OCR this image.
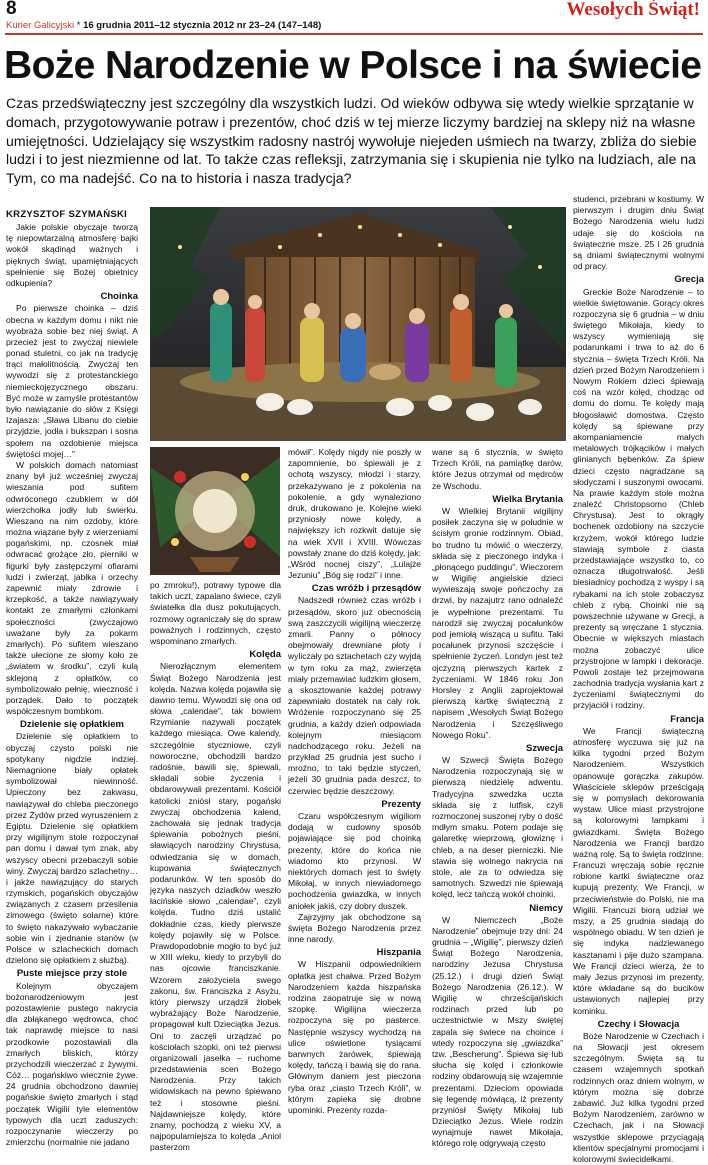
8
Kurier Galicyjski * 16 grudnia 2011–12 stycznia 2012 nr 23–24 (147–148)
Wesołych Świąt!
Boże Narodzenie w Polsce i na świecie
Czas przedświąteczny jest szczególny dla wszystkich ludzi. Od wieków odbywa się wtedy wielkie sprzątanie w domach, przygotowywanie potraw i prezentów, choć dziś w tej mierze liczymy bardziej na sklepy niż na własne umiejętności. Udzielający się wszystkim radosny nastrój wywołuje niejeden uśmiech na twarzy, zbliża do siebie ludzi i to jest niezmienne od lat. To także czas refleksji, zatrzymania się i skupienia nie tylko na ludziach, ale na Tym, co ma nadejść. Co na to historia i nasza tradycja?
KRZYSZTOF SZYMAŃSKI

Jakie polskie obyczaje tworzą tę niepowtarzalną atmosferę bajki wokół skądinąd ważnych i pięknych świąt, upamiętniających spełnienie się Bożej obietnicy odkupienia?

Choinka

Po pierwsze choinka – dziś obecna w każdym domu i nikt nie wyobraża sobie bez niej świąt. A przecież jest to zwyczaj niewiele ponad stuletni, co jak na tradycję trąci małolitnością. Zwyczaj ten wywodzi się z protestanckiego niemieckojęzycznego obszaru. Być może w zamyśle protestantów było nawiązanie do słów z Księgi Izajasza: „Sława Libanu do ciebie przyjdzie, jodła i bukszpan i sosna społem na ozdobienie miejsca świętości mojej…”

W polskich domach natomiast znany był już wcześniej zwyczaj wieszania pod sufitem odwróconego czubkiem w dół wierzchołka jodły lub świerku. Wieszano na nim ozdoby, które można wiązane były z wierzeniami pogańskimi, np. czosnek miał odwracać grożące zło, pierniki w figurki były zastępczymi ofiarami ludzi i zwierząt, jabłka i orzechy zapewnić miały zdrowie i krzepkość, a także nawiązywały kontakt ze zmarłymi członkami społeczności (zwyczajowo uważane były za pokarm zmarłych). Po sufitem wieszano także ułecione ze słomy koło ze „światem w środku”, czyli kulą sklejoną z opłatków, co symbolizowało pełnię, wieczność i porządek. Dało to początek współczesnym bombkom.

Dzielenie się opłatkiem

Dzielenie się opłatkiem to obyczaj czysto polski nie spotykany nigdzie indziej. Niemagnione biały opłatek symbolizował niewinność. Upieczony bez zakwasu, nawiązywał do chleba pieczonego przez Żydów przed wyruszeniem z Egiptu. Dzielenie się opłatkiem przy wigilijnym stole rozpoczynał pan domu i dawał tym znak, aby wszyscy obecni przebaczyli sobie winy. Zwyczaj bardzo szlachetny… i jakże nawiązujący do starych rzymskich, pogańskich obyczajów związanych z czasem przesilenia zimowego (święto solarne) które to święto nakazywało wybaczanie sobie win i zjednanie stanów (w Polsce w szlacheckich domach dzielono się opłatkiem z służbą).

Puste miejsce przy stole

Kolejnym obyczajem bożonarodzeniowym jest pozostawienie pustego nakrycia dla zbłąkanego wędrowca, choć tak naprawdę miejsce to nasi przodkowie pozostawiali dla zmarłych bliskich, którzy przychodzili wieczerzać z żywymi. Cóż… pogańskiwo wiecznie żywe. 24 grudnia obchodzono dawniej pogańskie święto zmarłych i stąd początek Wigilii tyle elementów typowych dla uczt zaduszych: rozpoczynanie wieczerzy po zmierzchu (normalnie nie jadano

po zmroku!), potrawy typowe dla takich uczt, zapalano świece, czyli światełka dla dusz pokutujących, rozmowy ograniczały się do spraw poważnych i rodzinnych, często wspominano zmarłych.

Kolęda

Nierozłącznym elementem Świąt Bożego Narodzenia jest kolęda. Nazwa kolęda pojawiła się dawno temu. Wywodzi się ona od słowa „calendae”, tak bowiem Rzymianie nazywali początek każdego miesiąca. Owe kalendy, szczególnie styczniowe, czyli noworoczne, obchodzili bardzo radośnie, bawili się, śpiewali, składali sobie życzenia i obdarowywali prezentami. Kościół katolicki zniósł stary, pogański zwyczaj obchodzenia kalend, zachowała się jednak tradycja śpiewania pobożnych pieśni, sławiących narodziny Chrystusa, odwiedzania się w domach, kupowania świątecznych podarunków. W ten sposób do języka naszych dziadków weszło łacińskie słowo „calendae”, czyli kolęda. Tudno dziś ustalić dokładnie czas, kiedy pierwsze kolędy pojawiły się w Polsce. Prawdopodobnie mogło to być już w XIII wieku, kiedy to przybyli do nas ojcowie franciszkanie. Wzorem założyciela swego zakonu, św. Franciszka z Asyżu, który pierwszy urządził żłobek wybrażający Boże Narodzenie, propagował kult Dzieciątka Jezus. Oni to zaczęli urządzać po kościołach szopki, oni też pierwsi organizowali jasełka – ruchome przedstawienia scen Bożego Narodzenia. Przy takich widowiskach na pewno śpiewano też i stosowne pieśni. Najdawniejsze kolędy, które znamy, pochodzą z wieku XV, a najpopularniejsza to kolęda „Aniol pasterzom

mówił”. Kolędy nigdy nie poszły w zapomnienie, bo śpiewali je z ochotą wszyscy, młodzi i starzy, przekazywano je z pokolenia na pokolenie, a gdy wynaleziono druk, drukowano je. Kolejne wieki przyniosły nowe kolędy, a największy ich rozkwit datuje się na wiek XVII i XVIII. Wówczas powstały znane do dziś kolędy, jak: „Wśród nocnej ciszy”, „Lulajże Jezuniu” „Bóg się rodzi” i inne.

Czas wróżb i przesądów

Nadszedł również czas wróżb i przesądów, skoro już obecnością swą zaszczycili wigilijną wieczerzę zmarli. Panny o północy obejmowały drewniane płoty i wyliczały po sztachetach czy wyjdą w tym roku za mąż, zwierzęta miały przemawiać ludzkim głosem, a skosztowanie każdej potrawy zapewniało dostatek na cały rok. Wróżenie rozpoczynano się 25 grudnia, a każdy dzień odpowiada kolejnym miesiącom nadchodzącego roku. Jeżeli na przykład 25 grudnia jest sucho i mroźno, to taki będzie styczeń, jeżeli 30 grudnia pada deszcz, to czerwiec będzie deszczowy.

Prezenty

Czaru współczesnym wigiliom dodają w cudowny sposób pojawiające się pod choinką prezenty, które do końca nie wiadomo kto przynosi. W niektórych domach jest to święty Mikołaj, w innych niewiadomego pochodzenia gwiazdka, w innych aniołek jakiś, czy dobry duszek.

Zajrzyjmy jak obchodzone są święta Bożego Narodzenia przez inne narody.

Hiszpania

W Hiszpanii odpowiednikiem opłatka jest chałwa. Przed Bożym Narodzeniem każda hiszpańska rodzina zaopatruje się w nową szopkę. Wigilijna wieczerza rozpoczyna się po pasterce. Następnie wszyscy wychodzą na ulice oświetlone tysiącami barwnych żarówek, śpiewają kolędy, tańczą i bawią się do rana. Głównym daniem jest pieczona ryba oraz „ciasto Trzech Króli”, w którym zapieka się drobne upominki. Prezenty rozda-

wane są 6 stycznia, w święto Trzech Króli, na pamiątkę darów, które Jezus otrzymał od mędrców ze Wschodu.

Wielka Brytania

W Wielkiej Brytanii wigilijny posiłek zaczyna się w południe w ścisłym gronie rodzinnym. Obiad, bo trudno tu mówić o wieczerzy, składa się z pieczonego indyka i „płonącego puddingu”. Wieczorem w Wigilię angielskie dzieci wywieszają swoje pończochy za drzwi, by nazajutrz rano odnaleźć je wypełnione prezentami. Tu narodził się zwyczaj pocałunków pod jemiołą wiszącą u sufitu. Taki pocałunek przynosi szczęście i spełnienie życzeń. Londyn jest też ojczyzną pierwszych kartek z życzeniami. W 1846 roku Jon Horsley z Anglii zaprojektował pierwszą kartkę świąteczną z napisem „Wesołych Świąt Bożego Narodzenia i Szczęśliwego Nowego Roku”.

Szwecja

W Szwecji Święta Bożego Narodzenia rozpoczynają się w pierwszą niedzielę adwentu. Tradycyjna szwedzka uczta składa się z lutfisk, czyli rozmoczonej suszonej ryby o dość mdłym smaku. Potem podaje się galaretkę wieprzową, głowiznę i chleb, a na deser pierniczki. Nie stawia się wolnego nakrycia na stole, ale za to odwiedza się samotnych. Szwedzi nie śpiewają kolęd, lecz tańczą wokół choinki.

Niemcy

W Niemczech „Boże Narodzenie” obejmuje trzy dni: 24 grudnia – „Wigilię”, pierwszy dzień Świąt Bożego Narodzenia, narodziny Jezusa Chrystusa (25.12.) i drugi dzień Świąt Bożego Narodzenia (26.12.). W Wigilię w chrześcijańskich rodzinach przed lub po uczestnictwie w Mszy świętej zapala się świece na choince i wtedy rozpoczyna się „gwiazdka” tzw. „Bescherung”. Śpiewa się lub słucha się kolęd i członkowie rodziny obdarowują się wzajemnie prezentami. Dzieciom opowiada się legendę mówiącą, iż prezenty przyniósł Święty Mikołaj lub Dzieciątko Jezus. Wiele rodzin wynajmuje nawet Mikołaja, którego rolę odgrywają często

studenci, przebrani w kostiumy. W pierwszym i drugim dniu Świąt Bożego Narodzenia wielu ludzi udaje się do kościoła na świąteczne msze. 25 i 26 grudnia są dniami świątecznymi wolnymi od pracy.

Grecja

Greckie Boże Narodzenie – to wielkie świętowanie. Gorący okres rozpoczyna się 6 grudnia – w dniu świętego Mikołaja, kiedy to wszyscy wymieniają się podarunkami i trwa to aż do 6 stycznia – święta Trzech Króli. Na dzień przed Bożym Narodzeniem i Nowym Rokiem dzieci śpiewają coś na wzór kolęd, chodząc od domu do domu. Te kolędy mają błogosławić domostwa. Często kolędy są śpiewane przy akompaniamencie małych metalowych trójkącików i małych glinianych bębenków. Za śpiew dzieci często nagradzane są słodyczami i suszonymi owocami. Na prawie każdym stole można znaleźć Christopsomo (Chleb Chrystusa). Jest to okrągły bochenek ozdobiony na szczycie krzyżem, wokół którego ludzie stawiają symbole z ciasta przedstawiające wszystko to, co oznacza długotrwałość. Jeśli biesiadnicy pochodzą z wyspy i są rybakami na ich stole zobaczysz chleb z rybą. Choinki nie są powszechnie używane w Grecji, a prezenty są wręczane 1 stycznia. Obecnie w większych miastach można zobaczyć ulice przystrojone w lampki i dekoracje. Powoli zostaje też przejmowana zachodnia tradycja wysłania kart z życzeniami świątecznymi do przyjaciół i rodziny.

Francja

We Francji świąteczną atmosferę wyczuwa się już na kilka tygodni przed Bożym Narodzeniem. Wszystkich opanowuje gorączka zakupów. Właściciele sklepów prześcigają się w pomysłach dekorowania wystaw. Ulice miast przystrojone są kolorowymi lampkami i gwiazdkami. Święta Bożego Narodzenia we Francji bardzo ważną rolę. Są to święta rodzinne. Francuzi wręczają sobie ręcznie robione kartki świąteczne oraz kupują prezenty. We Francji, w przeciwieństwie do Polski, nie ma Wigilii. Francuzi biorą udział we mszy, a 25 grudnia siadają do wspólnego obiadu. W ten dzień je się indyka nadziewanego kasztanami i pije dużo szampana. We Francji dzieci wierzą, że to mały Jezus przynosi im prezenty, które wkładane są do bucików ustawionych najlepiej przy kominku.

Czechy i Słowacja

Boże Narodzenie w Czechach i na Słowacji jest okresem szczególnym. Święta są tu czasem wzajemnych spotkań rodzinnych oraz dniem wolnym, w którym można się dobrze zabawić. Już kilka tygodni przed Bożym Narodzeniem, zarówno w Czechach, jak i na Słowacji wszystkie sklepowe przyciągają klientów specjalnymi promocjami i kolorowymi świecidełkami.
